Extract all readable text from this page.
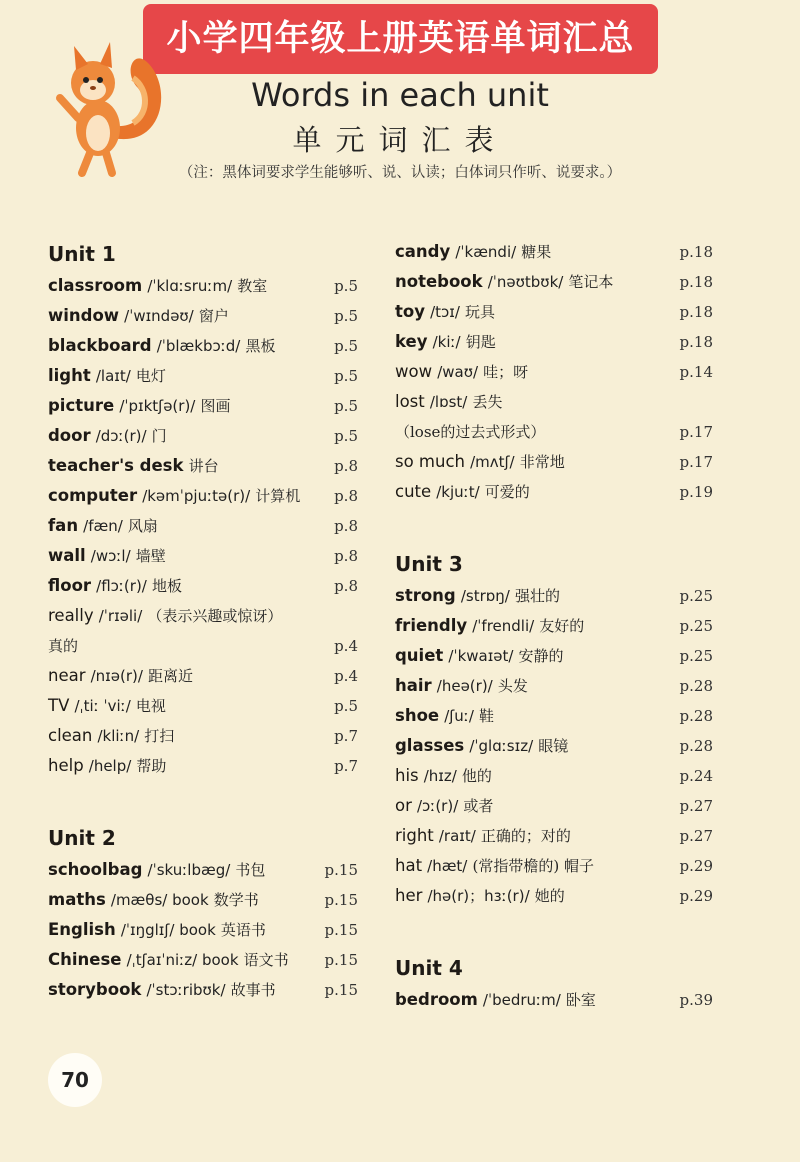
小学四年级上册英语单词汇总
Words in each unit
单元词汇表
（注：黑体词要求学生能够听、说、认读；白体词只作听、说要求。）
Unit 1
classroom /ˈklɑːsruːm/ 教室	p.5
window /ˈwɪndəʊ/ 窗户	p.5
blackboard /ˈblækbɔːd/ 黑板	p.5
light /laɪt/ 电灯	p.5
picture /ˈpɪktʃə(r)/ 图画	p.5
door /dɔː(r)/ 门	p.5
teacher's desk 讲台	p.8
computer /kəmˈpjuːtə(r)/ 计算机 p.8
fan /fæn/ 风扇	p.8
wall /wɔːl/ 墙壁	p.8
floor /flɔː(r)/ 地板	p.8
really /ˈrɪəli/ （表示兴趣或惊讶）
真的	p.4
near /nɪə(r)/ 距离近	p.4
TV /ˌtiː ˈviː/ 电视	p.5
clean /kliːn/ 打扫	p.7
help /help/ 帮助	p.7
Unit 2
schoolbag /ˈskuːlbæg/ 书包	p.15
maths /mæθs/ book 数学书	p.15
English /ˈɪŋglɪʃ/ book 英语书	p.15
Chinese /ˌtʃaɪˈniːz/ book 语文书 p.15
storybook /ˈstɔːribʊk/ 故事书	p.15
candy /ˈkændi/ 糖果	p.18
notebook /ˈnəʊtbʊk/ 笔记本	p.18
toy /tɔɪ/ 玩具	p.18
key /kiː/ 钥匙	p.18
wow /waʊ/ 哇；呀	p.14
lost /lɒst/ 丢失
（lose的过去式形式）	p.17
so much /mʌtʃ/ 非常地	p.17
cute /kjuːt/ 可爱的	p.19
Unit 3
strong /strɒŋ/ 强壮的	p.25
friendly /ˈfrendli/ 友好的	p.25
quiet /ˈkwaɪət/ 安静的	p.25
hair /heə(r)/ 头发	p.28
shoe /ʃuː/ 鞋	p.28
glasses /ˈglɑːsɪz/ 眼镜	p.28
his /hɪz/ 他的	p.24
or /ɔː(r)/ 或者	p.27
right /raɪt/ 正确的；对的	p.27
hat /hæt/ (常指带檐的) 帽子	p.29
her /hə(r)；hɜː(r)/ 她的	p.29
Unit 4
bedroom /ˈbedruːm/ 卧室	p.39
70
